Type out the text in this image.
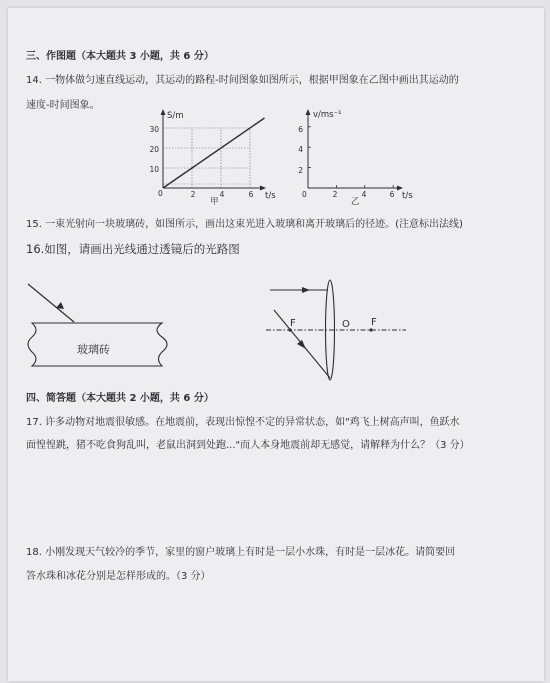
三、作图题（本大题共 3 小题，共 6 分）
14. 一物体做匀速直线运动，其运动的路程-时间图象如图所示，根据甲图象在乙图中画出其运动的
速度-时间图象。
S/m
t/s
甲
30
20
10
0	2	4	6
v/ms⁻¹
t/s
乙
6
4
2
0	2	4	6
15. 一束光射向一块玻璃砖，如图所示，画出这束光进入玻璃和离开玻璃后的径迹。(注意标出法线)
16.如图，请画出光线通过透镜后的光路图
玻璃砖
F	O F
四、简答题（本大题共 2 小题，共 6 分）
17. 许多动物对地震很敏感。在地震前，表现出惊惶不定的异常状态，如"鸡飞上树高声叫，鱼跃水
面惶惶跳，猪不吃食狗乱叫，老鼠出洞到处跑..."而人本身地震前却无感觉，请解释为什么？（3 分）
18. 小刚发现天气较冷的季节，家里的窗户玻璃上有时是一层小水珠，有时是一层冰花。请简要回
答水珠和冰花分别是怎样形成的。（3 分）
